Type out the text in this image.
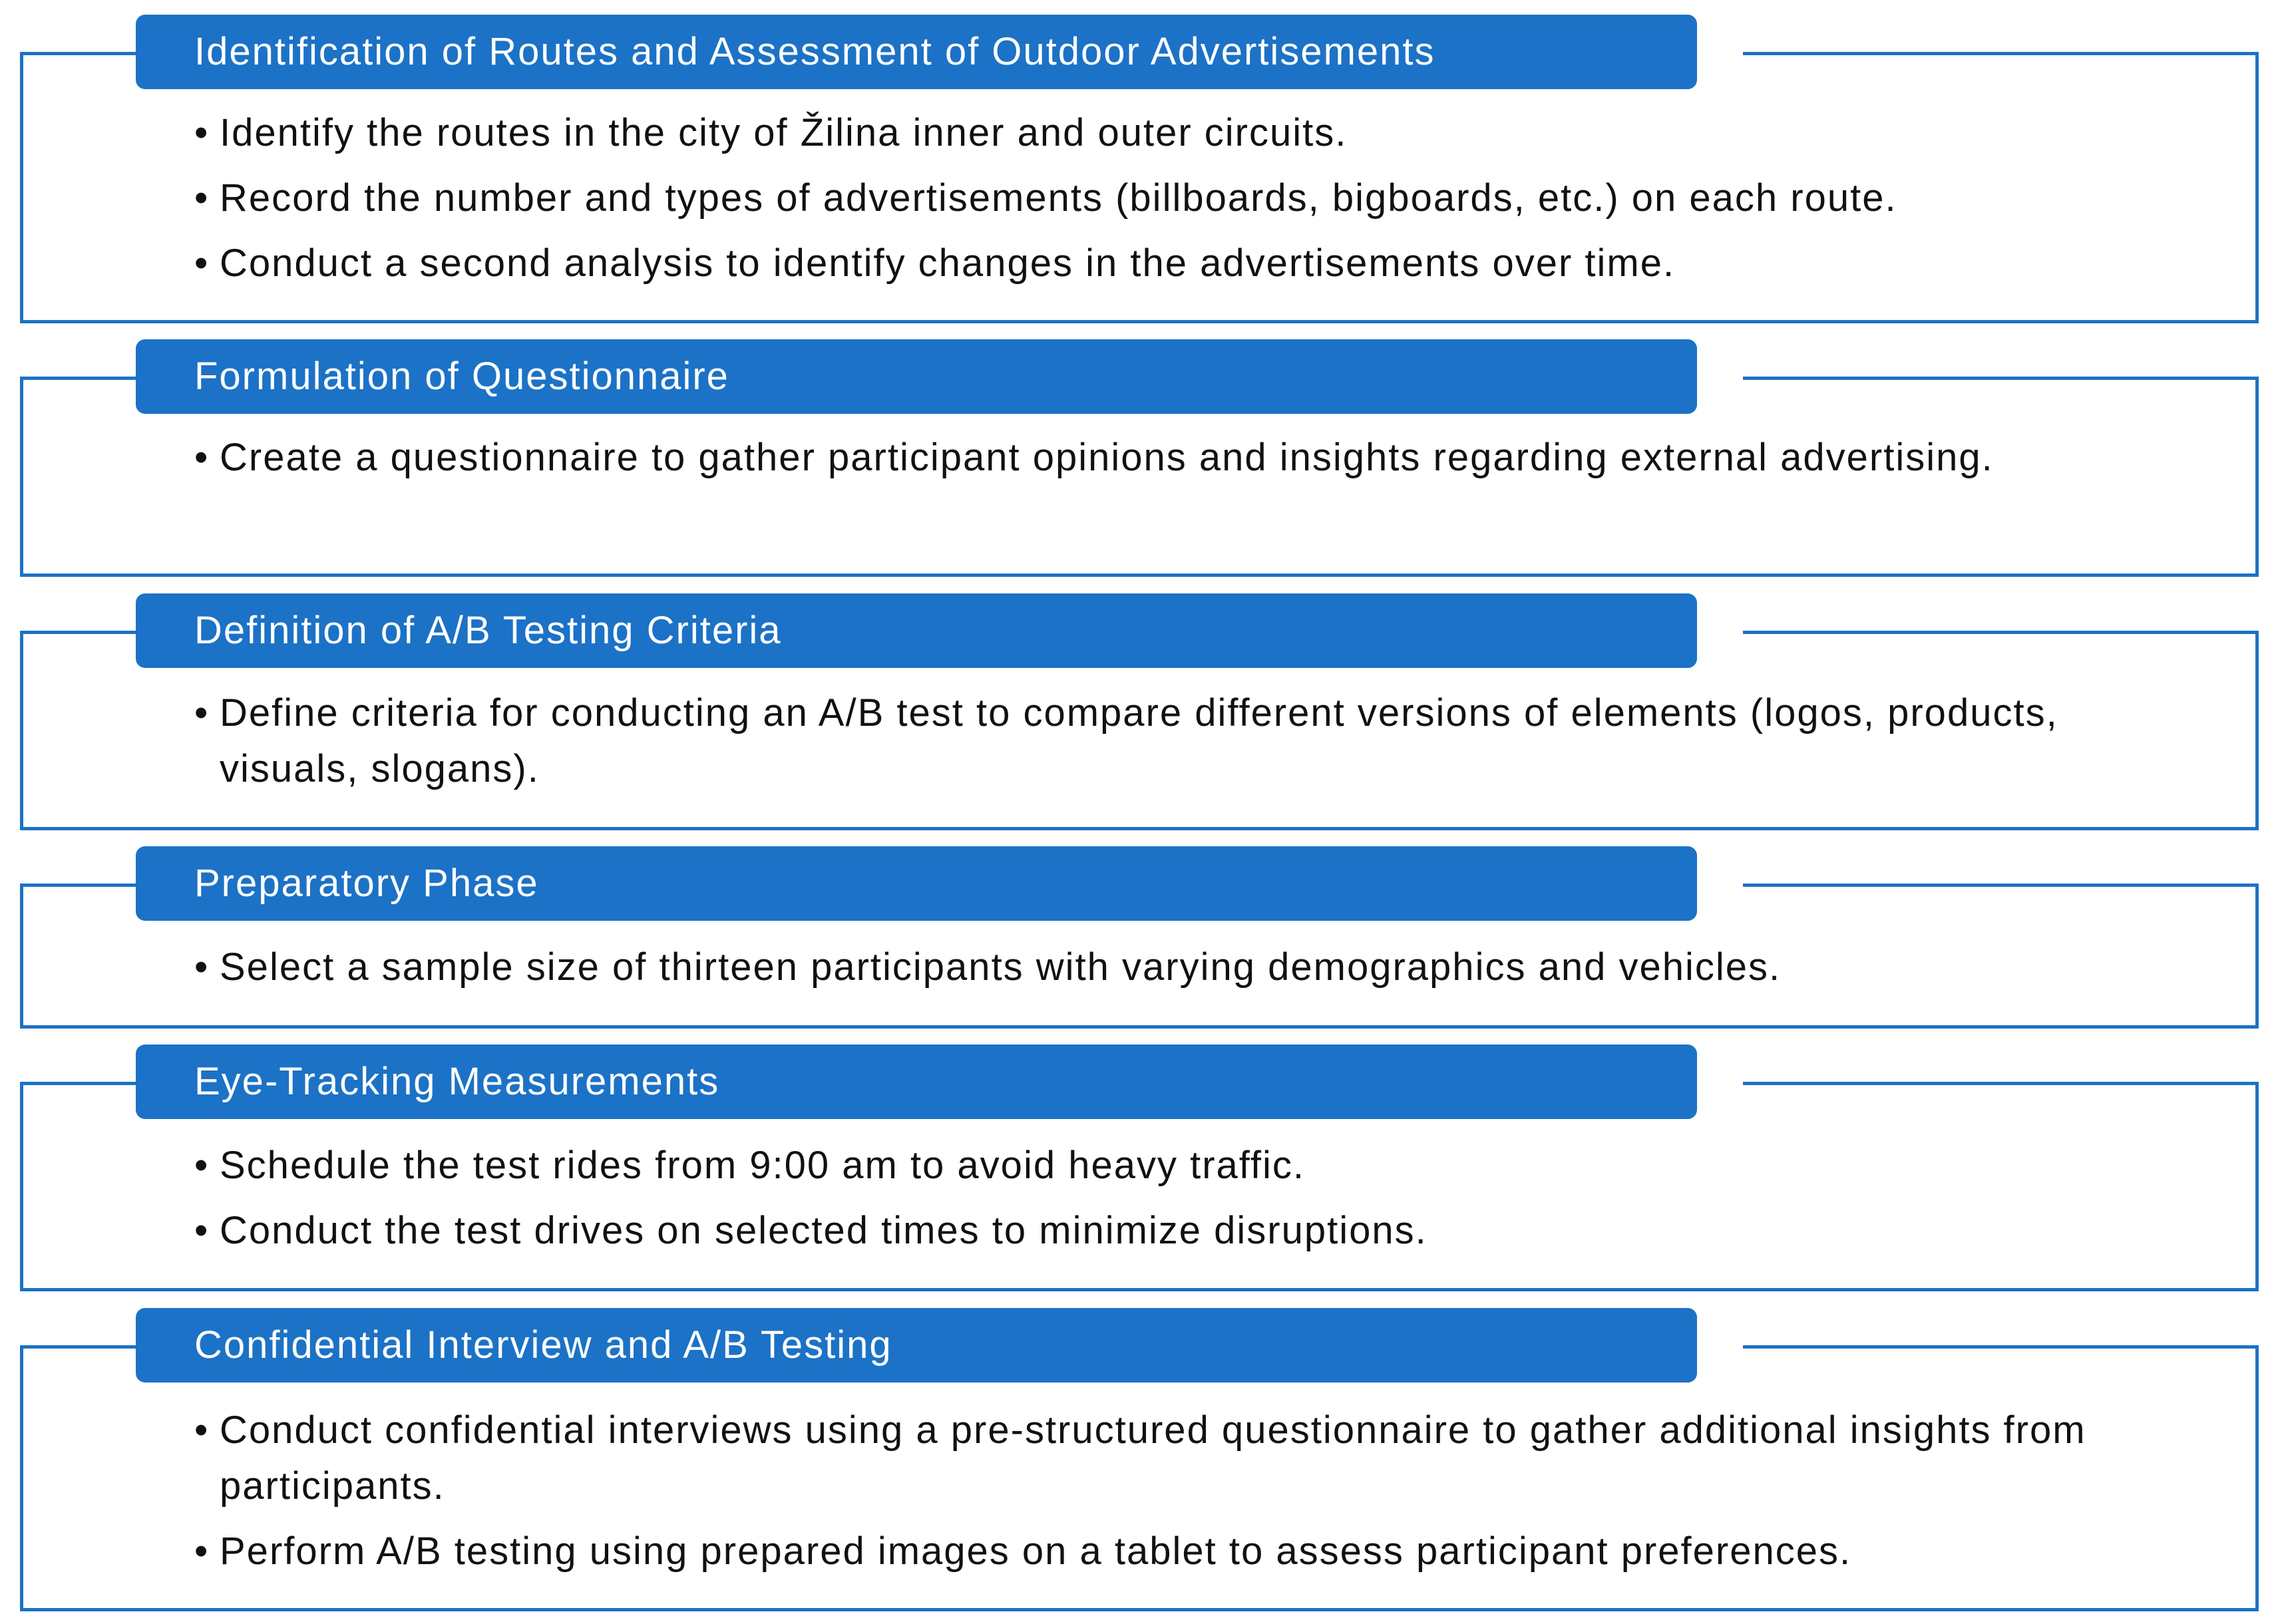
Identification of Routes and Assessment of Outdoor Advertisements
• Identify the routes in the city of Žilina inner and outer circuits.
• Record the number and types of advertisements (billboards, bigboards, etc.) on each route.
• Conduct a second analysis to identify changes in the advertisements over time.
Formulation of Questionnaire
• Create a questionnaire to gather participant opinions and insights regarding external advertising.
Definition of A/B Testing Criteria
• Define criteria for conducting an A/B test to compare different versions of elements (logos, products, visuals, slogans).
Preparatory Phase
• Select a sample size of thirteen participants with varying demographics and vehicles.
Eye-Tracking Measurements
• Schedule the test rides from 9:00 am to avoid heavy traffic.
• Conduct the test drives on selected times to minimize disruptions.
Confidential Interview and A/B Testing
• Conduct confidential interviews using a pre-structured questionnaire to gather additional insights from participants.
• Perform A/B testing using prepared images on a tablet to assess participant preferences.
